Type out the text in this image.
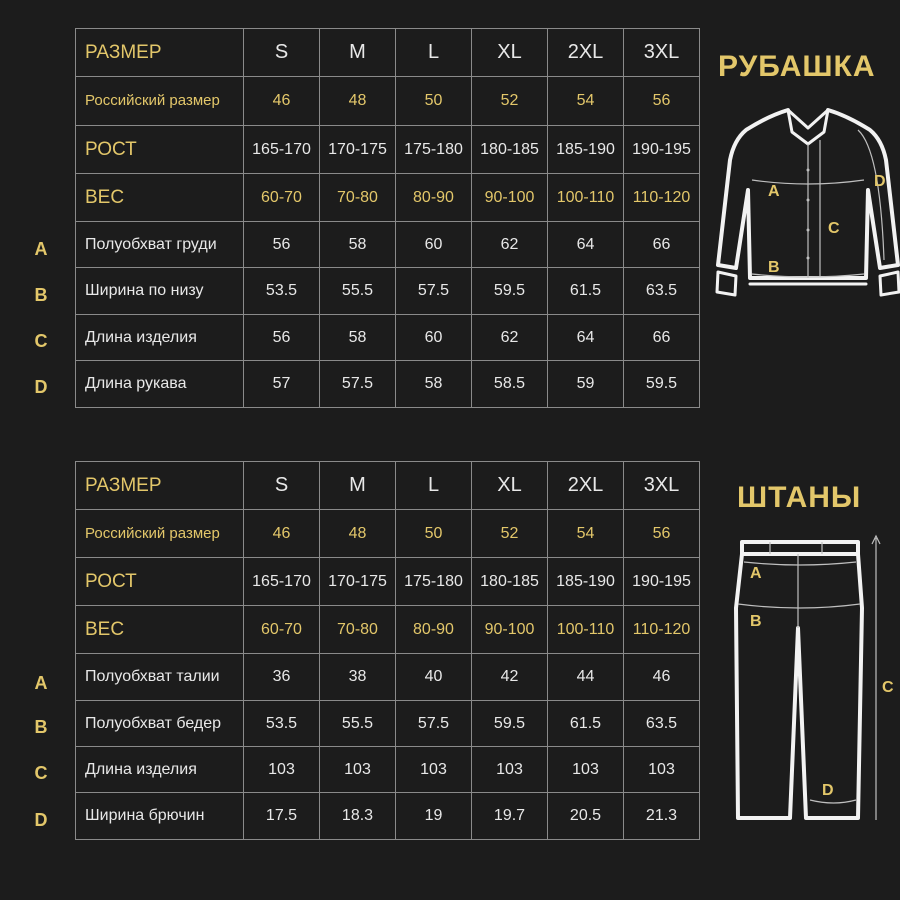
РАЗМЕР	S	M	L	XL	2XL	3XL
Российский размер	46	48	50	52	54	56
РОСТ	165-170	170-175	175-180	180-185	185-190	190-195
ВЕС	60-70	70-80	80-90	90-100	100-110	110-120
Полуобхват груди	56	58	60	62	64	66
Ширина по низу	53.5	55.5	57.5	59.5	61.5	63.5
Длина изделия	56	58	60	62	64	66
Длина рукава	57	57.5	58	58.5	59	59.5
A
B
C
D
РУБАШКА
A
B
C
D
РАЗМЕР	S	M	L	XL	2XL	3XL
Российский размер	46	48	50	52	54	56
РОСТ	165-170	170-175	175-180	180-185	185-190	190-195
ВЕС	60-70	70-80	80-90	90-100	100-110	110-120
Полуобхват талии	36	38	40	42	44	46
Полуобхват бедер	53.5	55.5	57.5	59.5	61.5	63.5
Длина изделия	103	103	103	103	103	103
Ширина брючин	17.5	18.3	19	19.7	20.5	21.3
A
B
C
D
ШТАНЫ
A
B
C
D
